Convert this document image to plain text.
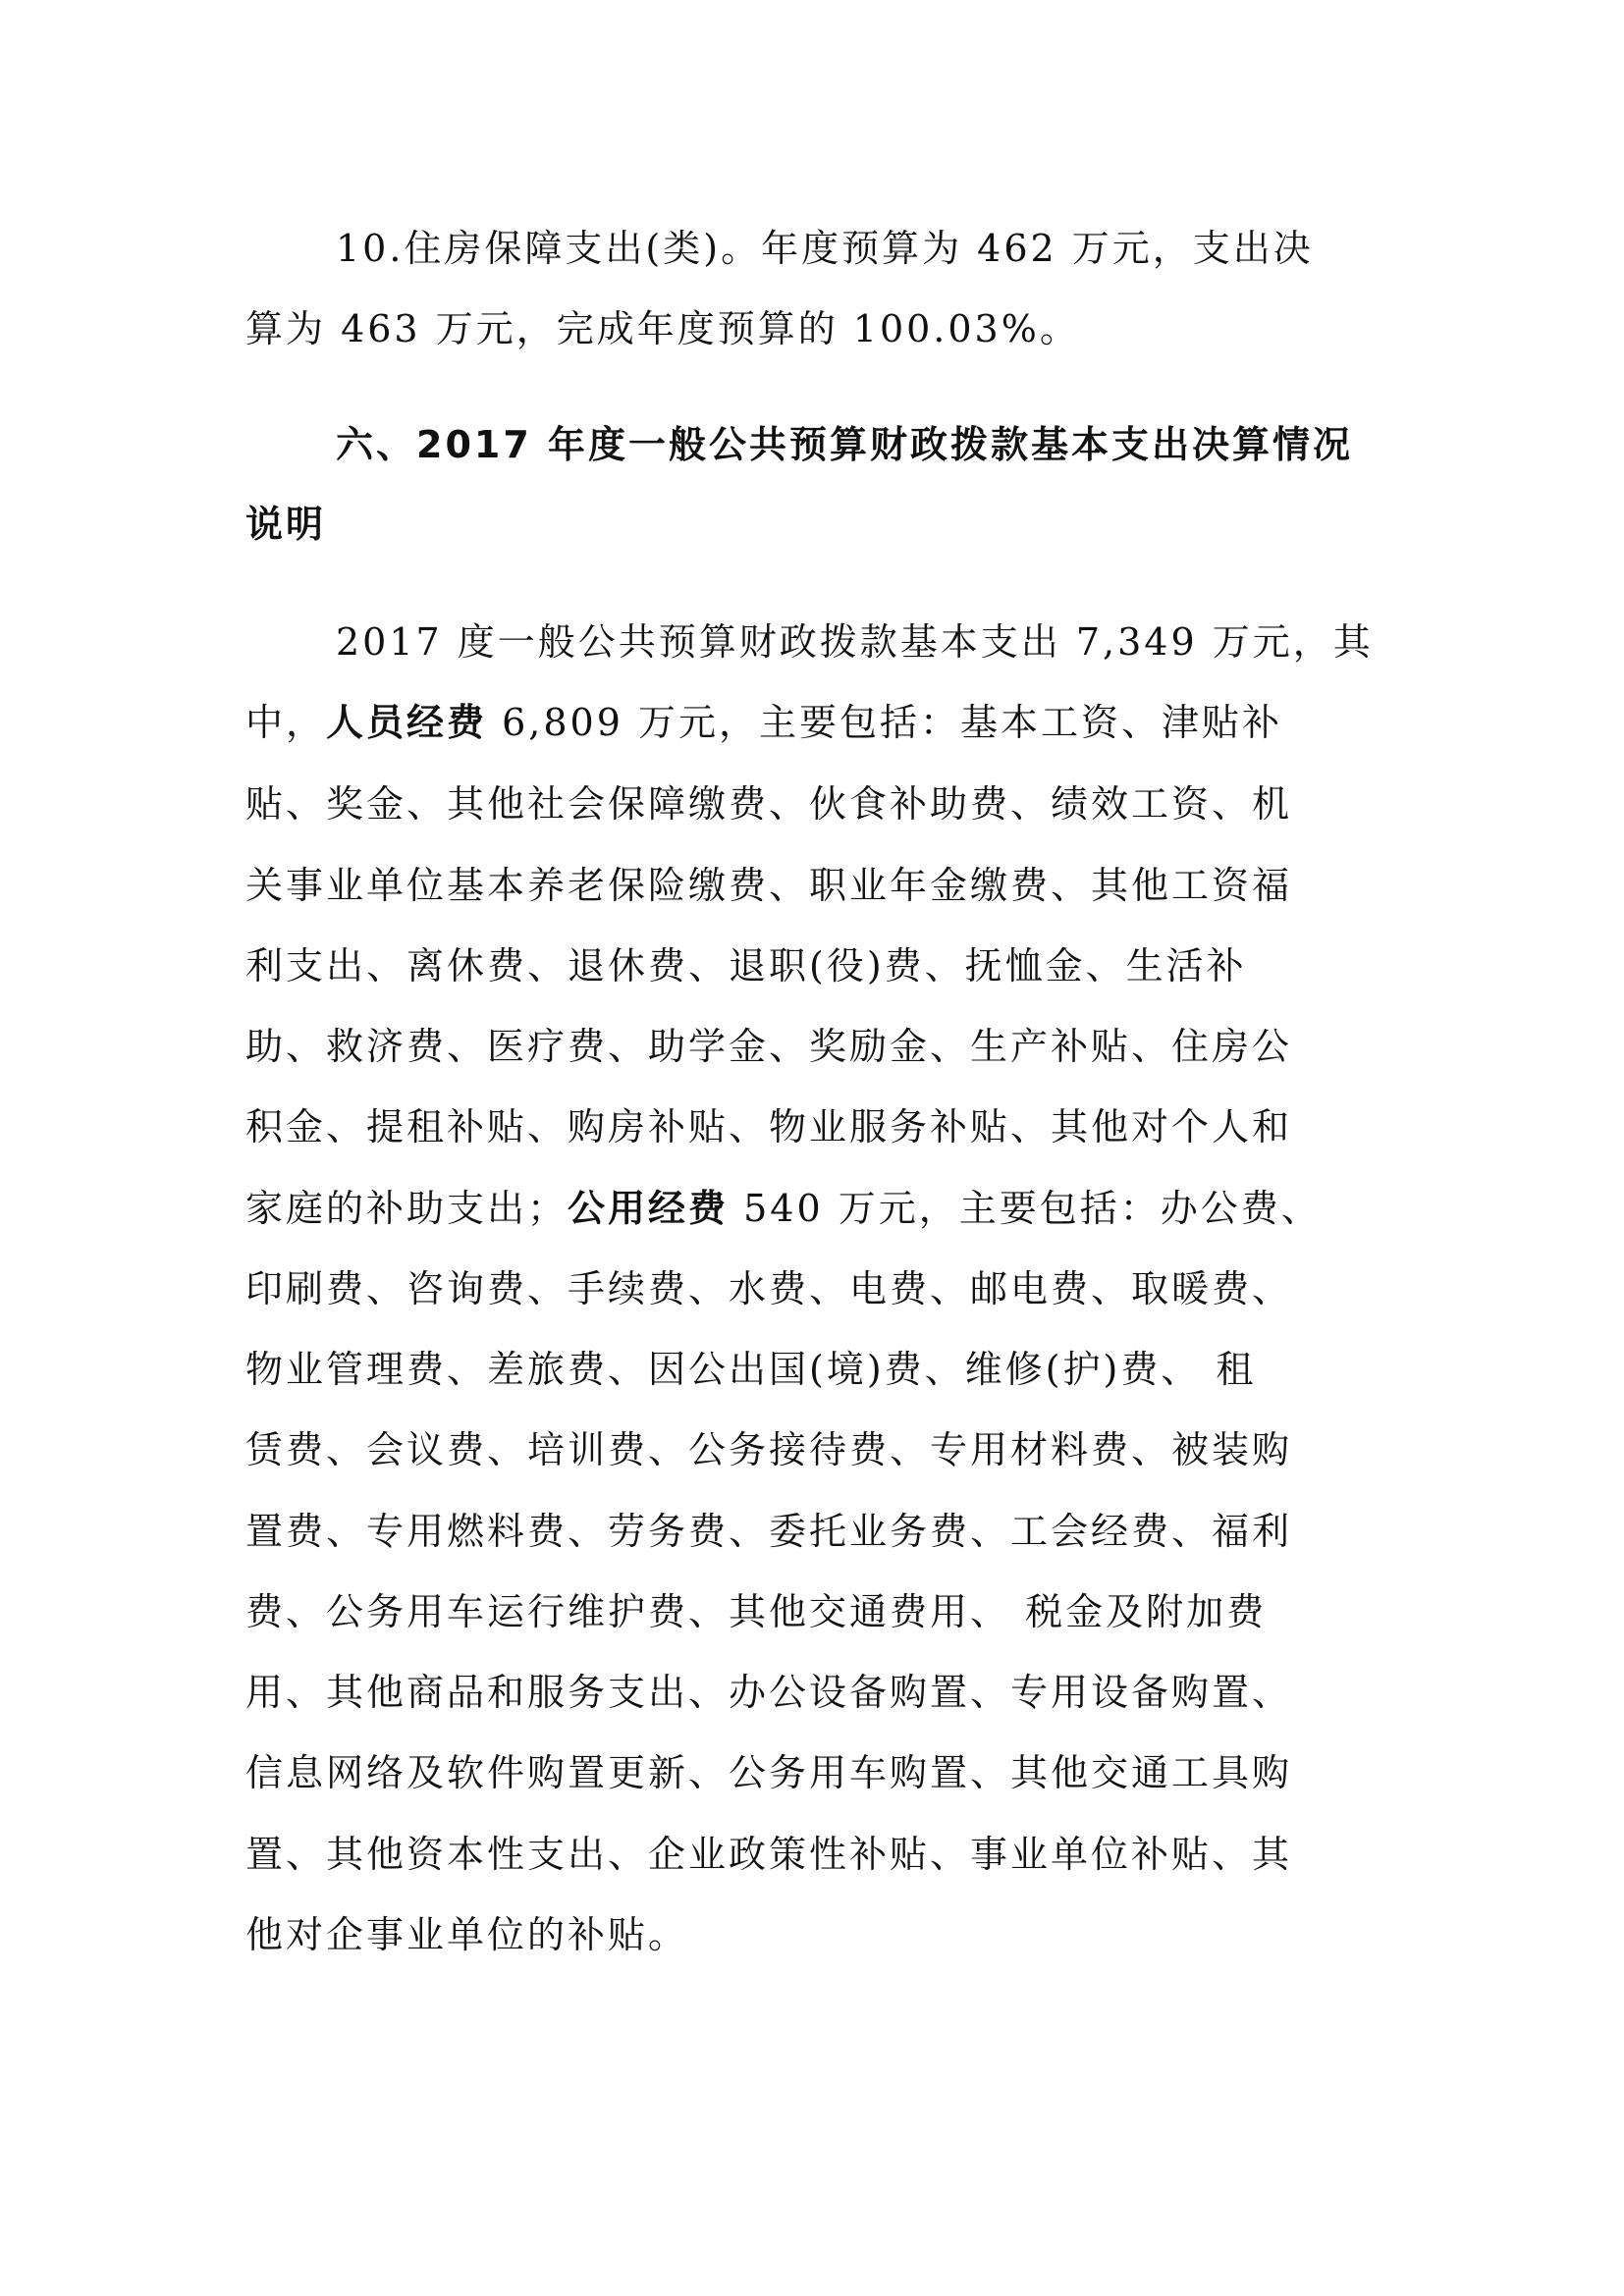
10.住房保障支出(类)。年度预算为 462 万元，支出决
算为 463 万元，完成年度预算的 100.03%。
六、2017 年度一般公共预算财政拨款基本支出决算情况
说明
2017 度一般公共预算财政拨款基本支出 7,349 万元，其
中，人员经费 6,809 万元，主要包括：基本工资、津贴补
贴、奖金、其他社会保障缴费、伙食补助费、绩效工资、机
关事业单位基本养老保险缴费、职业年金缴费、其他工资福
利支出、离休费、退休费、退职(役)费、抚恤金、生活补
助、救济费、医疗费、助学金、奖励金、生产补贴、住房公
积金、提租补贴、购房补贴、物业服务补贴、其他对个人和
家庭的补助支出；公用经费 540 万元，主要包括：办公费、
印刷费、咨询费、手续费、水费、电费、邮电费、取暖费、
物业管理费、差旅费、因公出国(境)费、维修(护)费、 租
赁费、会议费、培训费、公务接待费、专用材料费、被装购
置费、专用燃料费、劳务费、委托业务费、工会经费、福利
费、公务用车运行维护费、其他交通费用、 税金及附加费
用、其他商品和服务支出、办公设备购置、专用设备购置、
信息网络及软件购置更新、公务用车购置、其他交通工具购
置、其他资本性支出、企业政策性补贴、事业单位补贴、其
他对企事业单位的补贴。
